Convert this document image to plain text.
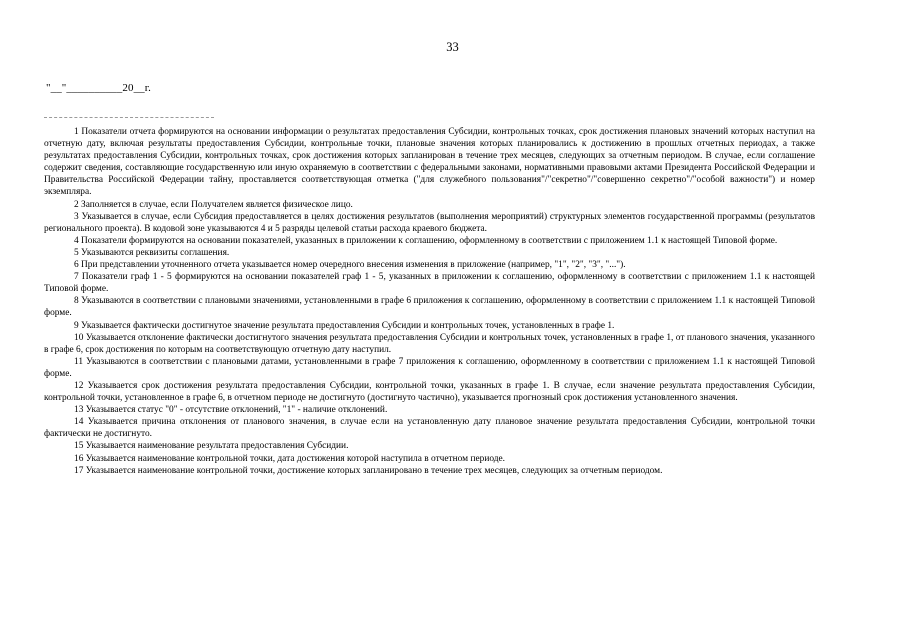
33
"__"__________20__г.

1 Показатели отчета формируются на основании информации о результатах предоставления Субсидии, контрольных точках, срок достижения плановых значений которых наступил на отчетную дату, включая результаты предоставления Субсидии, контрольные точки, плановые значения которых планировались к достижению в прошлых отчетных периодах, а также результатах предоставления Субсидии, контрольных точках, срок достижения которых запланирован в течение трех месяцев, следующих за отчетным периодом. В случае, если соглашение содержит сведения, составляющие государственную или иную охраняемую в соответствии с федеральными законами, нормативными правовыми актами Президента Российской Федерации и Правительства Российской Федерации тайну, проставляется соответствующая отметка ("для служебного пользования"/"секретно"/"совершенно секретно"/"особой важности") и номер экземпляра.

2 Заполняется в случае, если Получателем является физическое лицо.

3 Указывается в случае, если Субсидия предоставляется в целях достижения результатов (выполнения мероприятий) структурных элементов государственной программы (результатов регионального проекта). В кодовой зоне указываются 4 и 5 разряды целевой статьи расхода краевого бюджета.

4 Показатели формируются на основании показателей, указанных в приложении к соглашению, оформленному в соответствии с приложением 1.1 к настоящей Типовой форме.

5 Указываются реквизиты соглашения.

6 При представлении уточненного отчета указывается номер очередного внесения изменения в приложение (например, "1", "2", "3", "...").

7 Показатели граф 1 - 5 формируются на основании показателей граф 1 - 5, указанных в приложении к соглашению, оформленному в соответствии с приложением 1.1 к настоящей Типовой форме.

8 Указываются в соответствии с плановыми значениями, установленными в графе 6 приложения к соглашению, оформленному в соответствии с приложением 1.1 к настоящей Типовой форме.

9 Указывается фактически достигнутое значение результата предоставления Субсидии и контрольных точек, установленных в графе 1.

10 Указывается отклонение фактически достигнутого значения результата предоставления Субсидии и контрольных точек, установленных в графе 1, от планового значения, указанного в графе 6, срок достижения по которым на соответствующую отчетную дату наступил.

11 Указываются в соответствии с плановыми датами, установленными в графе 7 приложения к соглашению, оформленному в соответствии с приложением 1.1 к настоящей Типовой форме.

12 Указывается срок достижения результата предоставления Субсидии, контрольной точки, указанных в графе 1. В случае, если значение результата предоставления Субсидии, контрольной точки, установленное в графе 6, в отчетном периоде не достигнуто (достигнуто частично), указывается прогнозный срок достижения установленного значения.

13 Указывается статус "0" - отсутствие отклонений, "1" - наличие отклонений.

14 Указывается причина отклонения от планового значения, в случае если на установленную дату плановое значение результата предоставления Субсидии, контрольной точки фактически не достигнуто.

15 Указывается наименование результата предоставления Субсидии.

16 Указывается наименование контрольной точки, дата достижения которой наступила в отчетном периоде.

17 Указывается наименование контрольной точки, достижение которых запланировано в течение трех месяцев, следующих за отчетным периодом.
